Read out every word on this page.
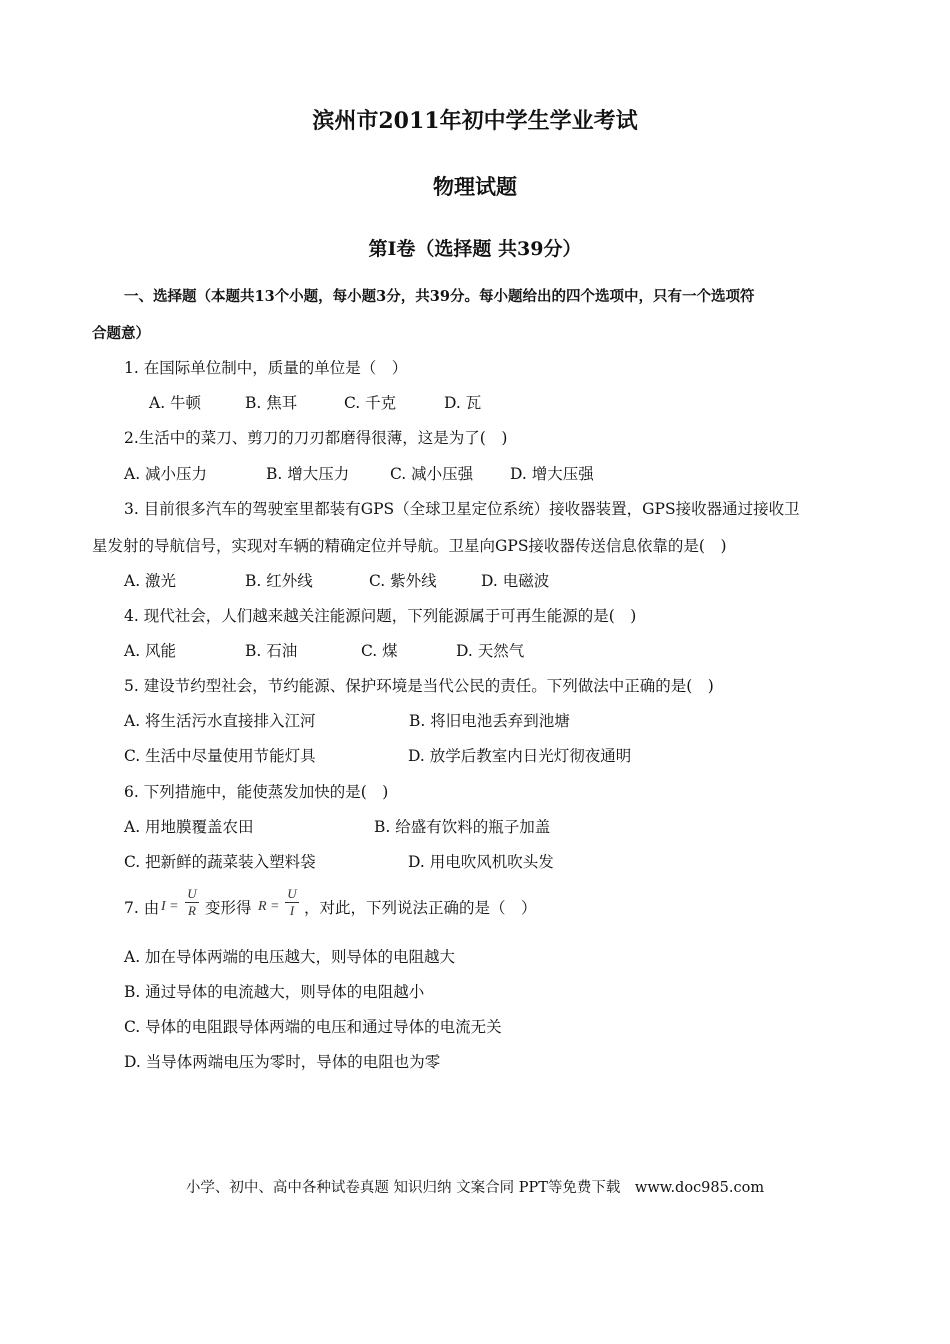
滨州市2011年初中学生学业考试
物理试题
第Ⅰ卷（选择题 共39分）
一、选择题（本题共13个小题，每小题3分，共39分。每小题给出的四个选项中，只有一个选项符
合题意）
1. 在国际单位制中，质量的单位是（　）
A. 牛顿	B. 焦耳	C. 千克	D. 瓦
2.生活中的菜刀、剪刀的刀刃都磨得很薄，这是为了(　)
A. 减小压力	B. 增大压力	C. 减小压强 D. 增大压强
3. 目前很多汽车的驾驶室里都装有GPS（全球卫星定位系统）接收器装置，GPS接收器通过接收卫
星发射的导航信号，实现对车辆的精确定位并导航。卫星向GPS接收器传送信息依靠的是(　)
A. 激光	B. 红外线	C. 紫外线	D. 电磁波
4. 现代社会，人们越来越关注能源问题，下列能源属于可再生能源的是(　)
A. 风能	B. 石油	C. 煤	D. 天然气
5. 建设节约型社会，节约能源、保护环境是当代公民的责任。下列做法中正确的是(　)
A. 将生活污水直接排入江河	B. 将旧电池丢弃到池塘
C. 生活中尽量使用节能灯具	D. 放学后教室内日光灯彻夜通明
6. 下列措施中，能使蒸发加快的是(　)
A. 用地膜覆盖农田	B. 给盛有饮料的瓶子加盖
C. 把新鲜的蔬菜装入塑料袋	D. 用电吹风机吹头发
7. 由 I =
U
R 变形得 R =
U
I ，对此，下列说法正确的是（　）
A. 加在导体两端的电压越大，则导体的电阻越大
B. 通过导体的电流越大，则导体的电阻越小
C. 导体的电阻跟导体两端的电压和通过导体的电流无关
D. 当导体两端电压为零时，导体的电阻也为零
小学、初中、高中各种试卷真题 知识归纳 文案合同 PPT等免费下载　www.doc985.com
